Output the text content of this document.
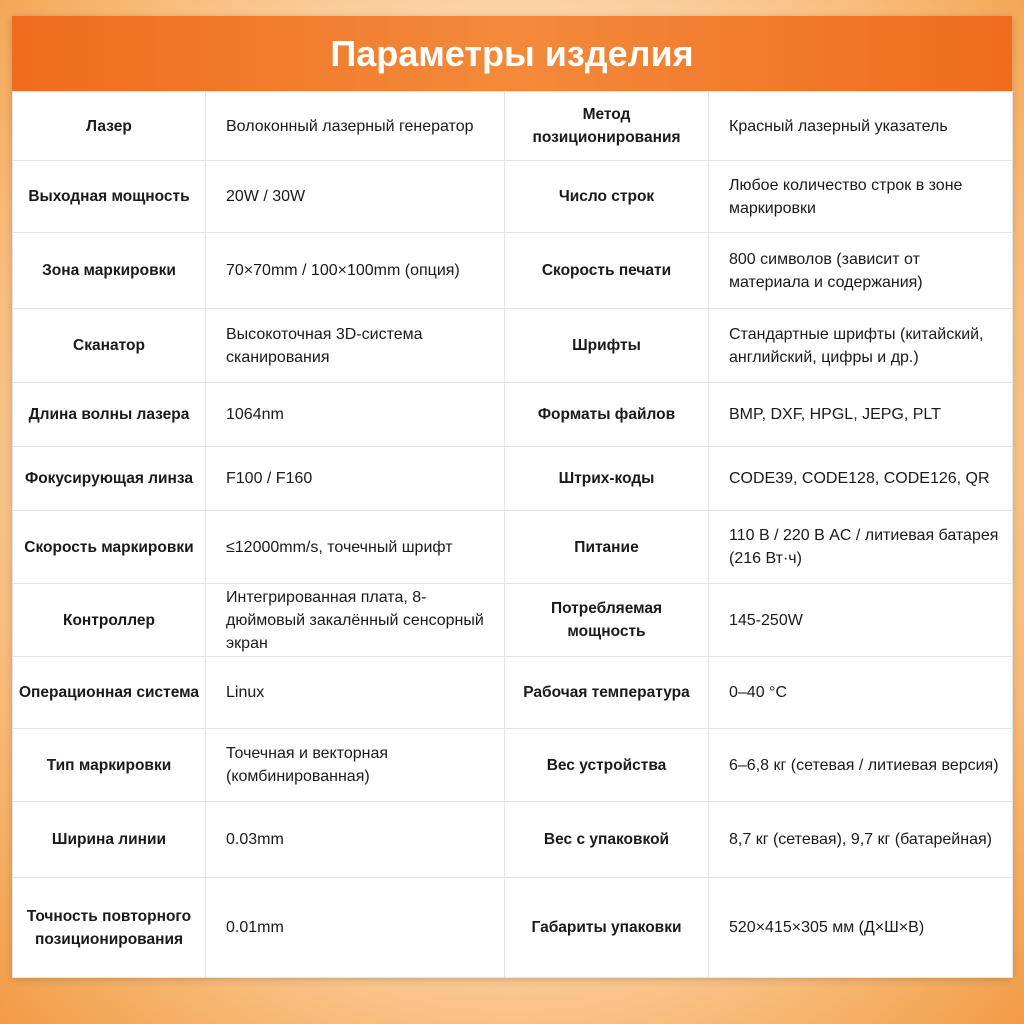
Параметры изделия
Лазер	Волоконный лазерный генератор	Метод позиционирования	Красный лазерный указатель
Выходная мощность	20W / 30W	Число строк	Любое количество строк в зоне маркировки
Зона маркировки	70×70mm / 100×100mm (опция)	Скорость печати	800 символов (зависит от материала и содержания)
Сканатор	Высокоточная 3D-система сканирования	Шрифты	Стандартные шрифты (китайский, английский, цифры и др.)
Длина волны лазера	1064nm	Форматы файлов	BMP, DXF, HPGL, JEPG, PLT
Фокусирующая линза	F100 / F160	Штрих-коды	CODE39, CODE128, CODE126, QR
Скорость маркировки	≤12000mm/s, точечный шрифт	Питание	110 В / 220 В AC / литиевая батарея (216 Вт·ч)
Контроллер	Интегрированная плата, 8-дюймовый закалённый сенсорный экран	Потребляемая мощность	145-250W
Операционная система	Linux	Рабочая температура	0–40 °C
Тип маркировки	Точечная и векторная (комбинированная)	Вес устройства	6–6,8 кг (сетевая / литиевая версия)
Ширина линии	0.03mm	Вес с упаковкой	8,7 кг (сетевая), 9,7 кг (батарейная)
Точность повторного позиционирования	0.01mm	Габариты упаковки	520×415×305 мм (Д×Ш×В)
